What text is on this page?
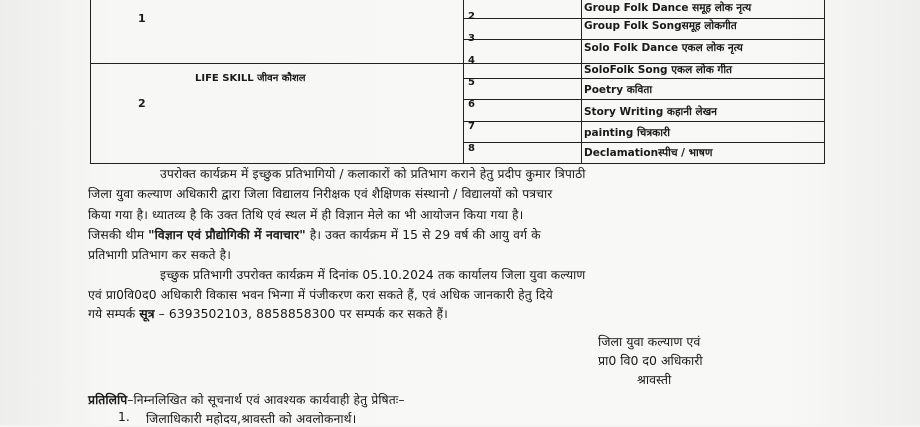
1
2
LIFE SKILL जीवन कौशल
Group Folk Dance समूह लोक नृत्य
2
Group Folk Songसमूह लोकगीत
3
Solo Folk Dance एकल लोक नृत्य
4
SoloFolk Song एकल लोक गीत
5
Poetry कविता
6
Story Writing कहानी लेखन
7
painting चित्रकारी
8	Declamationस्पीच / भाषण
उपरोक्त कार्यक्रम में इच्छुक प्रतिभागियो / कलाकारों को प्रतिभाग कराने हेतु प्रदीप कुमार त्रिपाठी
जिला युवा कल्याण अधिकारी द्वारा जिला विद्यालय निरीक्षक एवं शैक्षिणक संस्थानो / विद्यालयों को पत्रचार
किया गया है। ध्यातव्य है कि उक्त तिथि एवं स्थल में ही विज्ञान मेले का भी आयोजन किया गया है।
जिसकी थीम "विज्ञान एवं प्रौद्योगिकी में नवाचार" है। उक्त कार्यक्रम में 15 से 29 वर्ष की आयु वर्ग के
प्रतिभागी प्रतिभाग कर सकते है।
इच्छुक प्रतिभागी उपरोक्त कार्यक्रम में दिनांक 05.10.2024 तक कार्यालय जिला युवा कल्याण
एवं प्रा0वि0द0 अधिकारी विकास भवन भिन्गा में पंजीकरण करा सकते हैं, एवं अधिक जानकारी हेतु दिये
गये सम्पर्क सूत्र – 6393502103, 8858858300 पर सम्पर्क कर सकते हैं।
जिला युवा कल्याण एवं
प्रा0 वि0 द0 अधिकारी
श्रावस्ती
प्रतिलिपि–निम्नलिखित को सूचनार्थ एवं आवश्यक कार्यवाही हेतु प्रेषितः–
1. जिलाधिकारी महोदय,श्रावस्ती को अवलोकनार्थ।
